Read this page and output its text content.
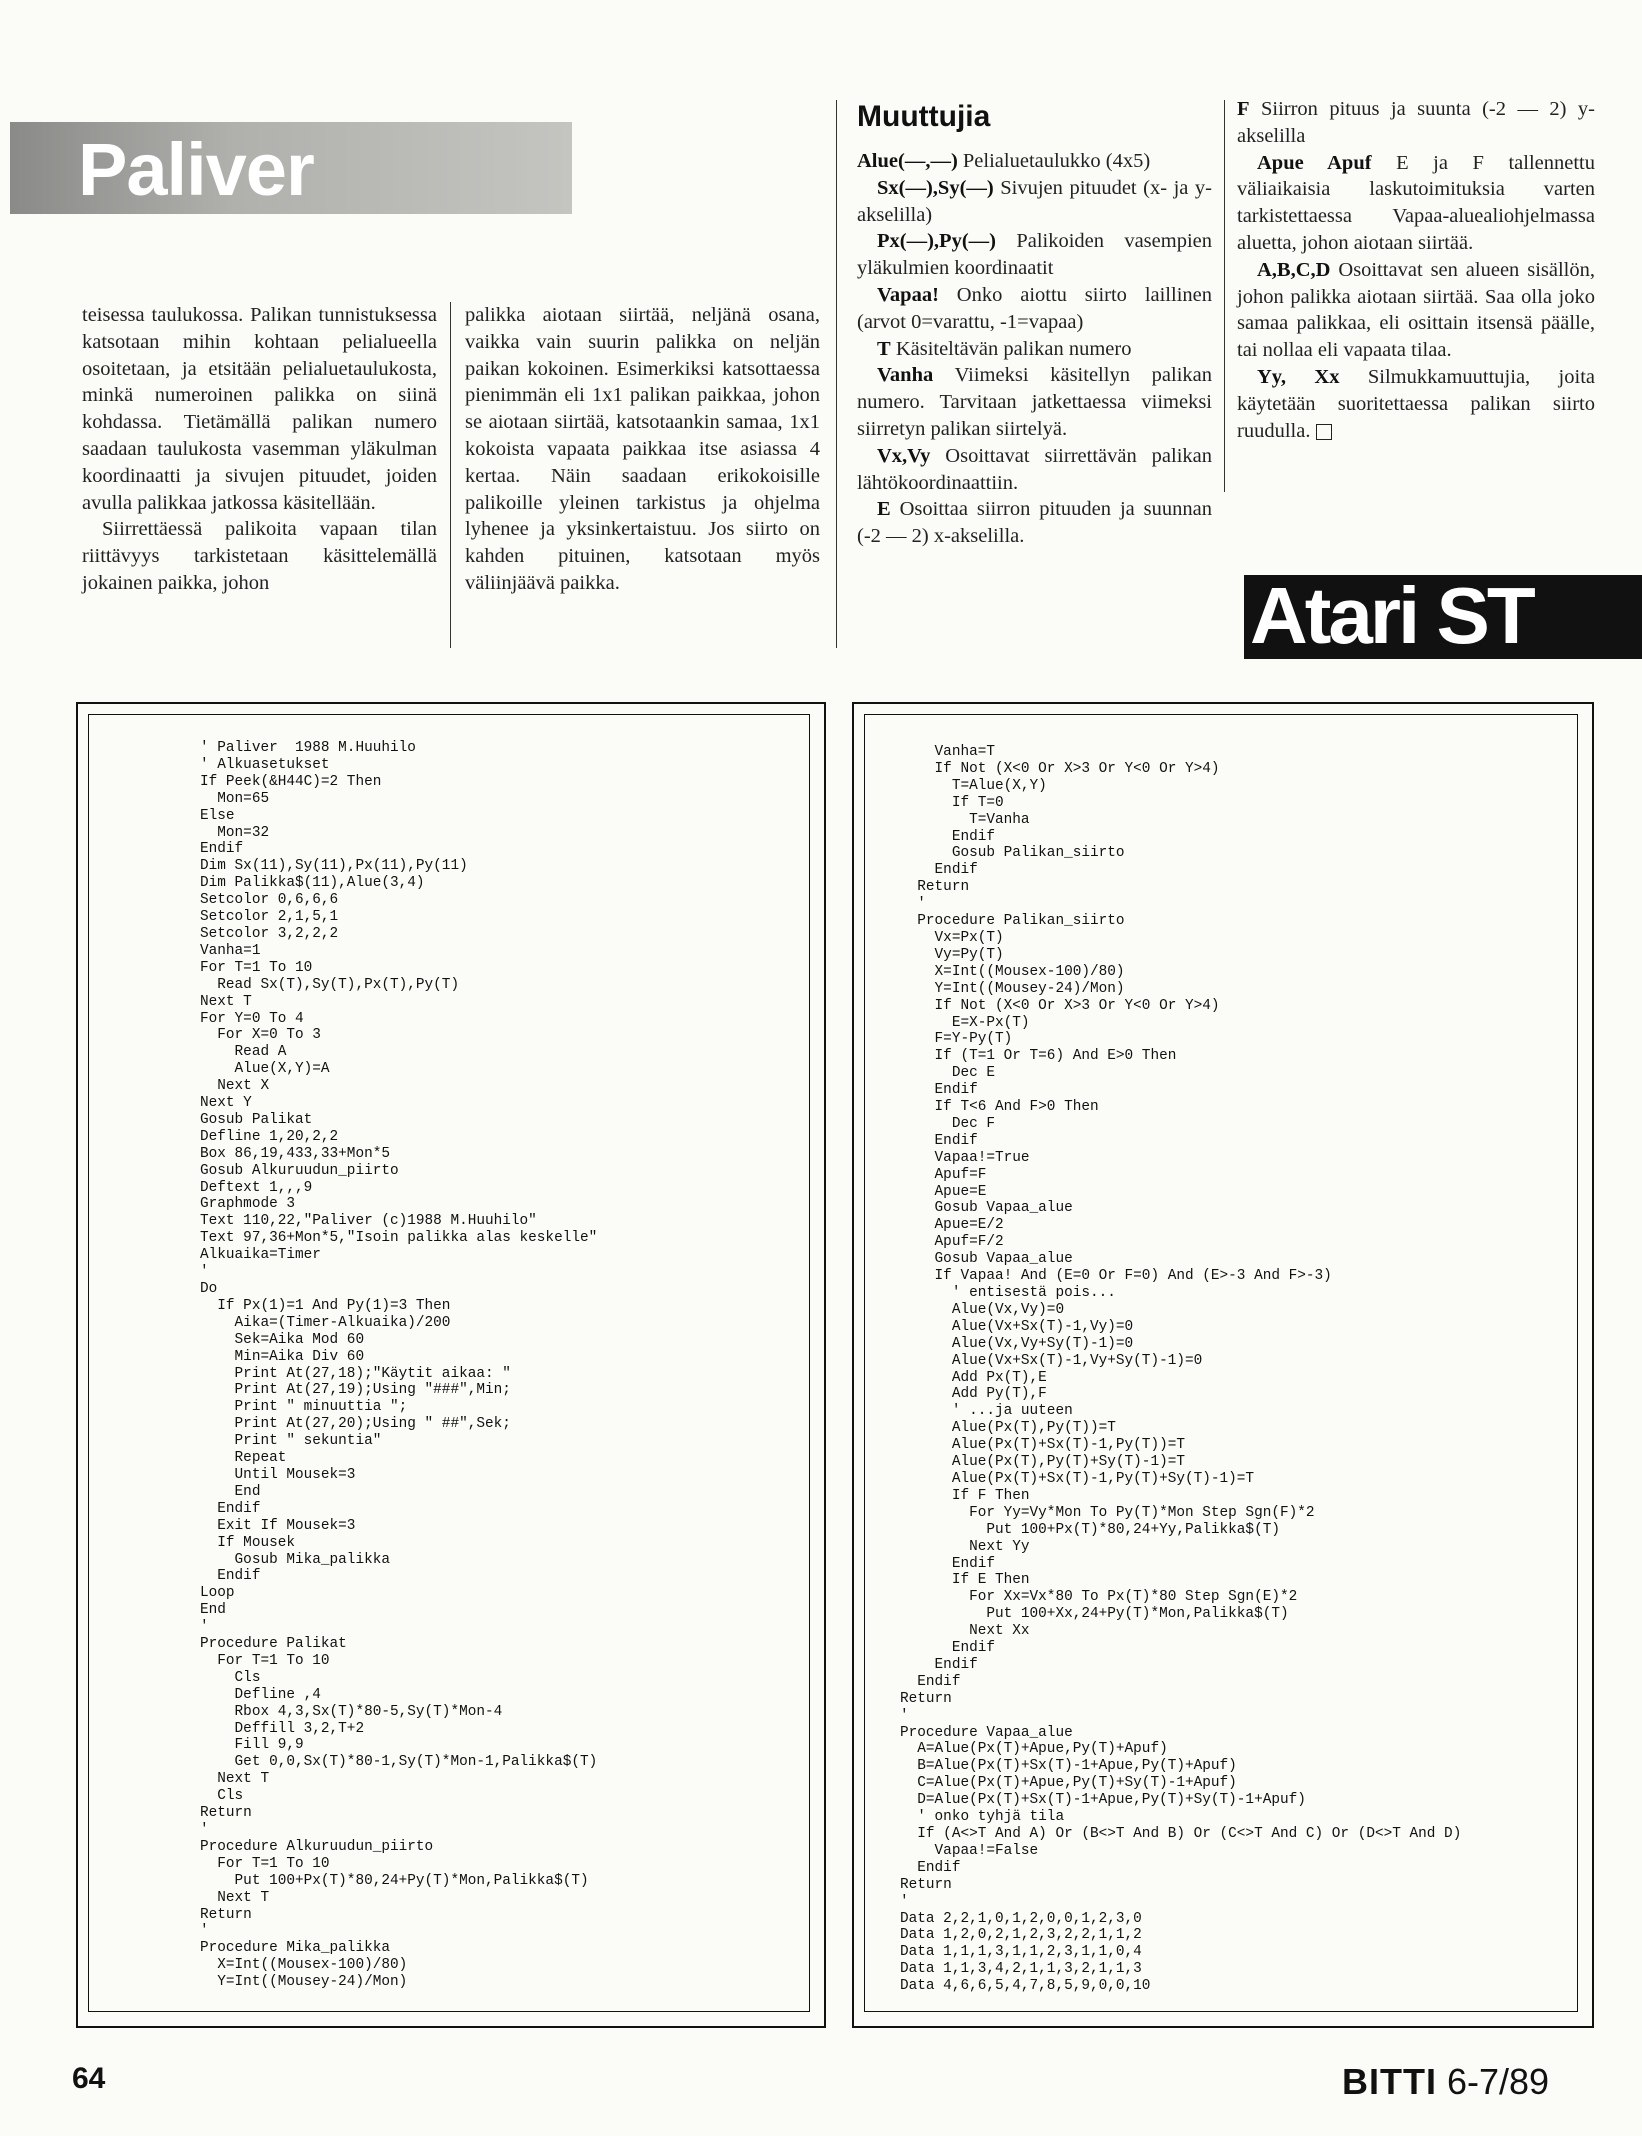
Paliver

teisessa taulukossa. Palikan tunnistuksessa katsotaan mihin kohtaan pelialueella osoitetaan, ja etsitään pelialuetaulukosta, minkä numeroinen palikka on siinä kohdassa. Tietämällä palikan numero saadaan taulukosta vasemman yläkulman koordinaatti ja sivujen pituudet, joiden avulla palikkaa jatkossa käsitellään.

Siirrettäessä palikoita vapaan tilan riittävyys tarkistetaan käsittelemällä jokainen paikka, johon

palikka aiotaan siirtää, neljänä osana, vaikka vain suurin palikka on neljän paikan kokoinen. Esimerkiksi katsottaessa pienimmän eli 1x1 palikan paikkaa, johon se aiotaan siirtää, katsotaankin samaa, 1x1 kokoista vapaata paikkaa itse asiassa 4 kertaa. Näin saadaan erikokoisille palikoille yleinen tarkistus ja ohjelma lyhenee ja yksinkertaistuu. Jos siirto on kahden pituinen, katsotaan myös väliinjäävä paikka.

Muuttujia

Alue(—,—) Pelialuetaulukko (4x5)

Sx(—),Sy(—) Sivujen pituudet (x- ja y-akselilla)

Px(—),Py(—) Palikoiden vasempien yläkulmien koordinaatit

Vapaa! Onko aiottu siirto laillinen (arvot 0=varattu, -1=vapaa)

T Käsiteltävän palikan numero

Vanha Viimeksi käsitellyn palikan numero. Tarvitaan jatkettaessa viimeksi siirretyn palikan siirtelyä.

Vx,Vy Osoittavat siirrettävän palikan lähtökoordinaattiin.

E Osoittaa siirron pituuden ja suunnan (-2 — 2) x-akselilla.

F Siirron pituus ja suunta (-2 — 2) y-akselilla

Apue Apuf E ja F tallennettu väliaikaisia laskutoimituksia varten tarkistettaessa Vapaa-aluealiohjelmassa aluetta, johon aiotaan siirtää.

A,B,C,D Osoittavat sen alueen sisällön, johon palikka aiotaan siirtää. Saa olla joko samaa palikkaa, eli osittain itsensä päälle, tai nollaa eli vapaata tilaa.

Yy, Xx Silmukkamuuttujia, joita käytetään suoritettaessa palikan siirto ruudulla.

Atari ST
' Paliver  1988 M.Huuhilo
' Alkuasetukset
If Peek(&H44C)=2 Then
Mon=65
Else
Mon=32
Endif
Dim Sx(11),Sy(11),Px(11),Py(11)
Dim Palikka$(11),Alue(3,4)
Setcolor 0,6,6,6
Setcolor 2,1,5,1
Setcolor 3,2,2,2
Vanha=1
For T=1 To 10
Read Sx(T),Sy(T),Px(T),Py(T)
Next T
For Y=0 To 4
For X=0 To 3
Read A
Alue(X,Y)=A
Next X
Next Y
Gosub Palikat
Defline 1,20,2,2
Box 86,19,433,33+Mon*5
Gosub Alkuruudun_piirto
Deftext 1,,,9
Graphmode 3
Text 110,22,"Paliver (c)1988 M.Huuhilo"
Text 97,36+Mon*5,"Isoin palikka alas keskelle"
Alkuaika=Timer
'
Do
If Px(1)=1 And Py(1)=3 Then
Aika=(Timer-Alkuaika)/200
Sek=Aika Mod 60
Min=Aika Div 60
Print At(27,18);"Käytit aikaa: "
Print At(27,19);Using "###",Min;
Print " minuuttia ";
Print At(27,20);Using " ##",Sek;
Print " sekuntia"
Repeat
Until Mousek=3
End
Endif
Exit If Mousek=3
If Mousek
Gosub Mika_palikka
Endif
Loop
End
'
Procedure Palikat
For T=1 To 10
Cls
Defline ,4
Rbox 4,3,Sx(T)*80-5,Sy(T)*Mon-4
Deffill 3,2,T+2
Fill 9,9
Get 0,0,Sx(T)*80-1,Sy(T)*Mon-1,Palikka$(T)
Next T
Cls
Return
'
Procedure Alkuruudun_piirto
For T=1 To 10
Put 100+Px(T)*80,24+Py(T)*Mon,Palikka$(T)
Next T
Return
'
Procedure Mika_palikka
X=Int((Mousex-100)/80)
Y=Int((Mousey-24)/Mon)
Vanha=T
If Not (X<0 Or X>3 Or Y<0 Or Y>4)
T=Alue(X,Y)
If T=0
T=Vanha
Endif
Gosub Palikan_siirto
Endif
Return
'
Procedure Palikan_siirto
Vx=Px(T)
Vy=Py(T)
X=Int((Mousex-100)/80)
Y=Int((Mousey-24)/Mon)
If Not (X<0 Or X>3 Or Y<0 Or Y>4)
E=X-Px(T)
F=Y-Py(T)
If (T=1 Or T=6) And E>0 Then
Dec E
Endif
If T<6 And F>0 Then
Dec F
Endif
Vapaa!=True
Apuf=F
Apue=E
Gosub Vapaa_alue
Apue=E/2
Apuf=F/2
Gosub Vapaa_alue
If Vapaa! And (E=0 Or F=0) And (E>-3 And F>-3)
' entisestä pois...
Alue(Vx,Vy)=0
Alue(Vx+Sx(T)-1,Vy)=0
Alue(Vx,Vy+Sy(T)-1)=0
Alue(Vx+Sx(T)-1,Vy+Sy(T)-1)=0
Add Px(T),E
Add Py(T),F
' ...ja uuteen
Alue(Px(T),Py(T))=T
Alue(Px(T)+Sx(T)-1,Py(T))=T
Alue(Px(T),Py(T)+Sy(T)-1)=T
Alue(Px(T)+Sx(T)-1,Py(T)+Sy(T)-1)=T
If F Then
For Yy=Vy*Mon To Py(T)*Mon Step Sgn(F)*2
Put 100+Px(T)*80,24+Yy,Palikka$(T)
Next Yy
Endif
If E Then
For Xx=Vx*80 To Px(T)*80 Step Sgn(E)*2
Put 100+Xx,24+Py(T)*Mon,Palikka$(T)
Next Xx
Endif
Endif
Endif
Return
'
Procedure Vapaa_alue
A=Alue(Px(T)+Apue,Py(T)+Apuf)
B=Alue(Px(T)+Sx(T)-1+Apue,Py(T)+Apuf)
C=Alue(Px(T)+Apue,Py(T)+Sy(T)-1+Apuf)
D=Alue(Px(T)+Sx(T)-1+Apue,Py(T)+Sy(T)-1+Apuf)
' onko tyhjä tila
If (A<>T And A) Or (B<>T And B) Or (C<>T And C) Or (D<>T And D)
Vapaa!=False
Endif
Return
'
Data 2,2,1,0,1,2,0,0,1,2,3,0
Data 1,2,0,2,1,2,3,2,2,1,1,2
Data 1,1,1,3,1,1,2,3,1,1,0,4
Data 1,1,3,4,2,1,1,3,2,1,1,3
Data 4,6,6,5,4,7,8,5,9,0,0,10
64	BITTI 6-7/89
